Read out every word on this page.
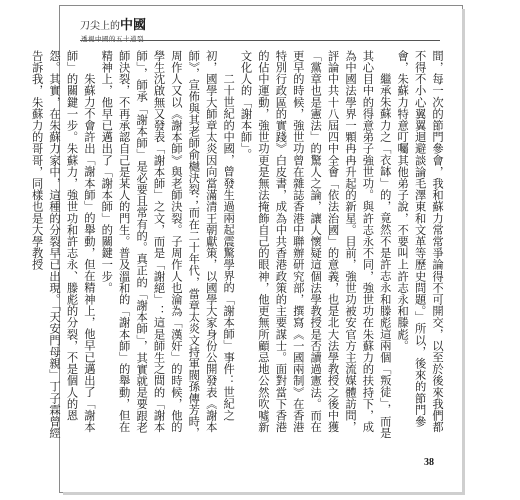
刀尖上的中國
透視中國的五十道裂

間，每一次的節門參會，我和蘇力常常爭論得不可開交，以至於後來我們都不得不小心翼翼迴避談論毛澤東和文革等歷史問題。」所以，後來的節門參會，朱蘇力特意叮囑其他弟子說，不要叫上許志永和滕彪。

繼承朱蘇力之「衣缽」的，竟然不是許志永和滕彪這兩個「叛徒」，而是其心目中的得意弟子強世功。與許志永不同，強世功在朱蘇力的扶持下，成為中國法學界一顆冉冉升起的新星。目前，強世功被安官方主流媒體訪問，評論中共十八屆四中全會「依法治國」的意義，也是北大法學教授之後中獲「黨章也是憲法」的驚人之論，讓人懷疑這個法學教授是否讀過憲法。而在更早的時候，強世功曾在雜誌香港中聯辦研究部，撰寫《一國兩制》在香港特別行政區的實踐》白皮書，成為中共香港政策的主要謀士。面對當下香港的佔中運動，強世功更是無法掩飾自己的眼神，他更無所顧忌地公然吹噓新文化人的「謝本師」。

二十世紀的中國，曾發生過兩起震驚學界的「謝本師」事件：世紀之初，國學大師章太炎因向當滿清王朝獻策，以國學大家身份公開發表《謝本師》，宣佈與其老師俞樾決裂；而在二十年代，當章太炎文持軍閥孫傳芳時，周作人又以《謝本師》與老師決裂。子周作人也淪為「漢奸」的時候，他的學生沈啟無又發表「謝本師」之文，而是「謝絕」：這是師生之間的「謝本師」，師承「謝本師」是必要且常有的。真正的「謝本師」，其實就是要跟老師決裂，不再承認自己是某人的門生。普及溫和的「謝本師」的舉動，但在精神上，他早已邁出了「謝本師」的關鍵一步。

朱蘇力不會許出「謝本師」的舉動，但在精神上，他早已邁出了「謝本師」的關鍵一步。朱蘇力，強世功和許志永、滕彪的分裂，不是個人的恩怨。其實，在朱蘇力家中，這種的分裂早已出現。「天安門母親」丁子霖曾經告訴我，朱蘇力的哥哥，同樣也是大學教授

38
